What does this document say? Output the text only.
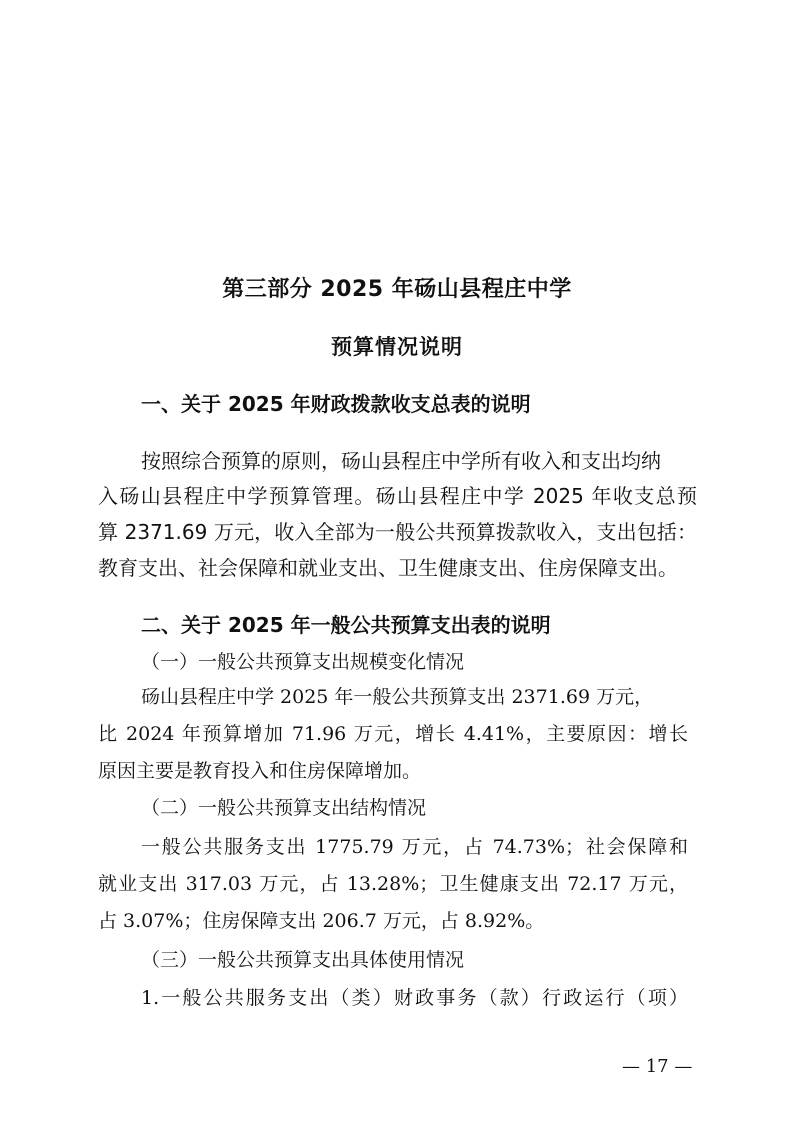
第三部分 2025 年砀山县程庄中学
预算情况说明
一、关于 2025 年财政拨款收支总表的说明
按照综合预算的原则，砀山县程庄中学所有收入和支出均纳
入砀山县程庄中学预算管理。砀山县程庄中学 2025 年收支总预
算 2371.69 万元，收入全部为一般公共预算拨款收入，支出包括：
教育支出、社会保障和就业支出、卫生健康支出、住房保障支出。
二、关于 2025 年一般公共预算支出表的说明
（一）一般公共预算支出规模变化情况
砀山县程庄中学 2025 年一般公共预算支出 2371.69 万元，
比 2024 年预算增加 71.96 万元，增长 4.41%，主要原因：增长
原因主要是教育投入和住房保障增加。
（二）一般公共预算支出结构情况
一般公共服务支出 1775.79 万元，占 74.73%；社会保障和
就业支出 317.03 万元，占 13.28%；卫生健康支出 72.17 万元，
占 3.07%；住房保障支出 206.7 万元，占 8.92%。
（三）一般公共预算支出具体使用情况
1.一般公共服务支出（类）财政事务（款）行政运行（项）
— 17 —
